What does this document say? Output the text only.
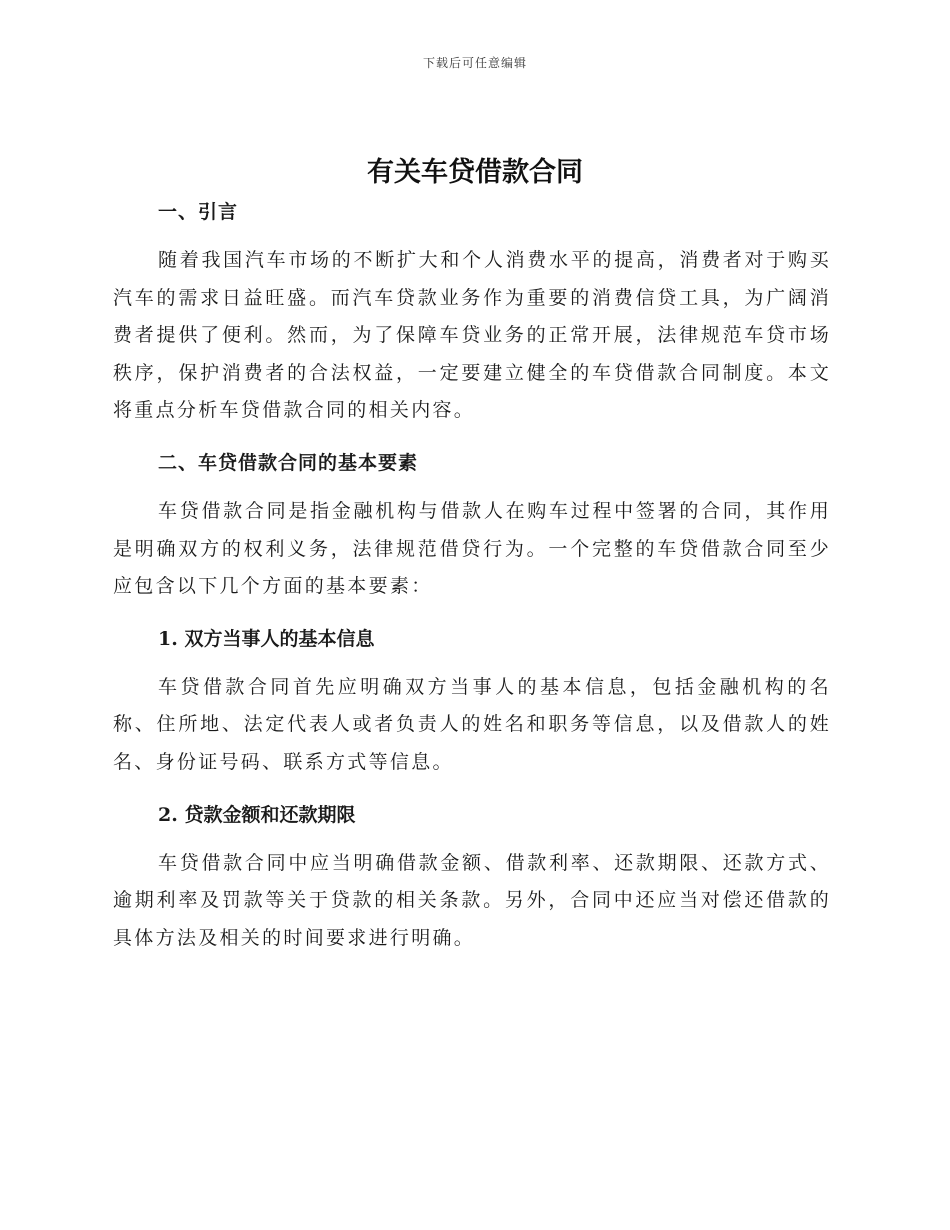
下载后可任意编辑
有关车贷借款合同
一、引言

随着我国汽车市场的不断扩大和个人消费水平的提高，消费者对于购买汽车的需求日益旺盛。而汽车贷款业务作为重要的消费信贷工具，为广阔消费者提供了便利。然而，为了保障车贷业务的正常开展，法律规范车贷市场秩序，保护消费者的合法权益，一定要建立健全的车贷借款合同制度。本文将重点分析车贷借款合同的相关内容。

二、车贷借款合同的基本要素

车贷借款合同是指金融机构与借款人在购车过程中签署的合同，其作用是明确双方的权利义务，法律规范借贷行为。一个完整的车贷借款合同至少应包含以下几个方面的基本要素：

1. 双方当事人的基本信息

车贷借款合同首先应明确双方当事人的基本信息，包括金融机构的名称、住所地、法定代表人或者负责人的姓名和职务等信息，以及借款人的姓名、身份证号码、联系方式等信息。

2. 贷款金额和还款期限

车贷借款合同中应当明确借款金额、借款利率、还款期限、还款方式、逾期利率及罚款等关于贷款的相关条款。另外，合同中还应当对偿还借款的具体方法及相关的时间要求进行明确。
